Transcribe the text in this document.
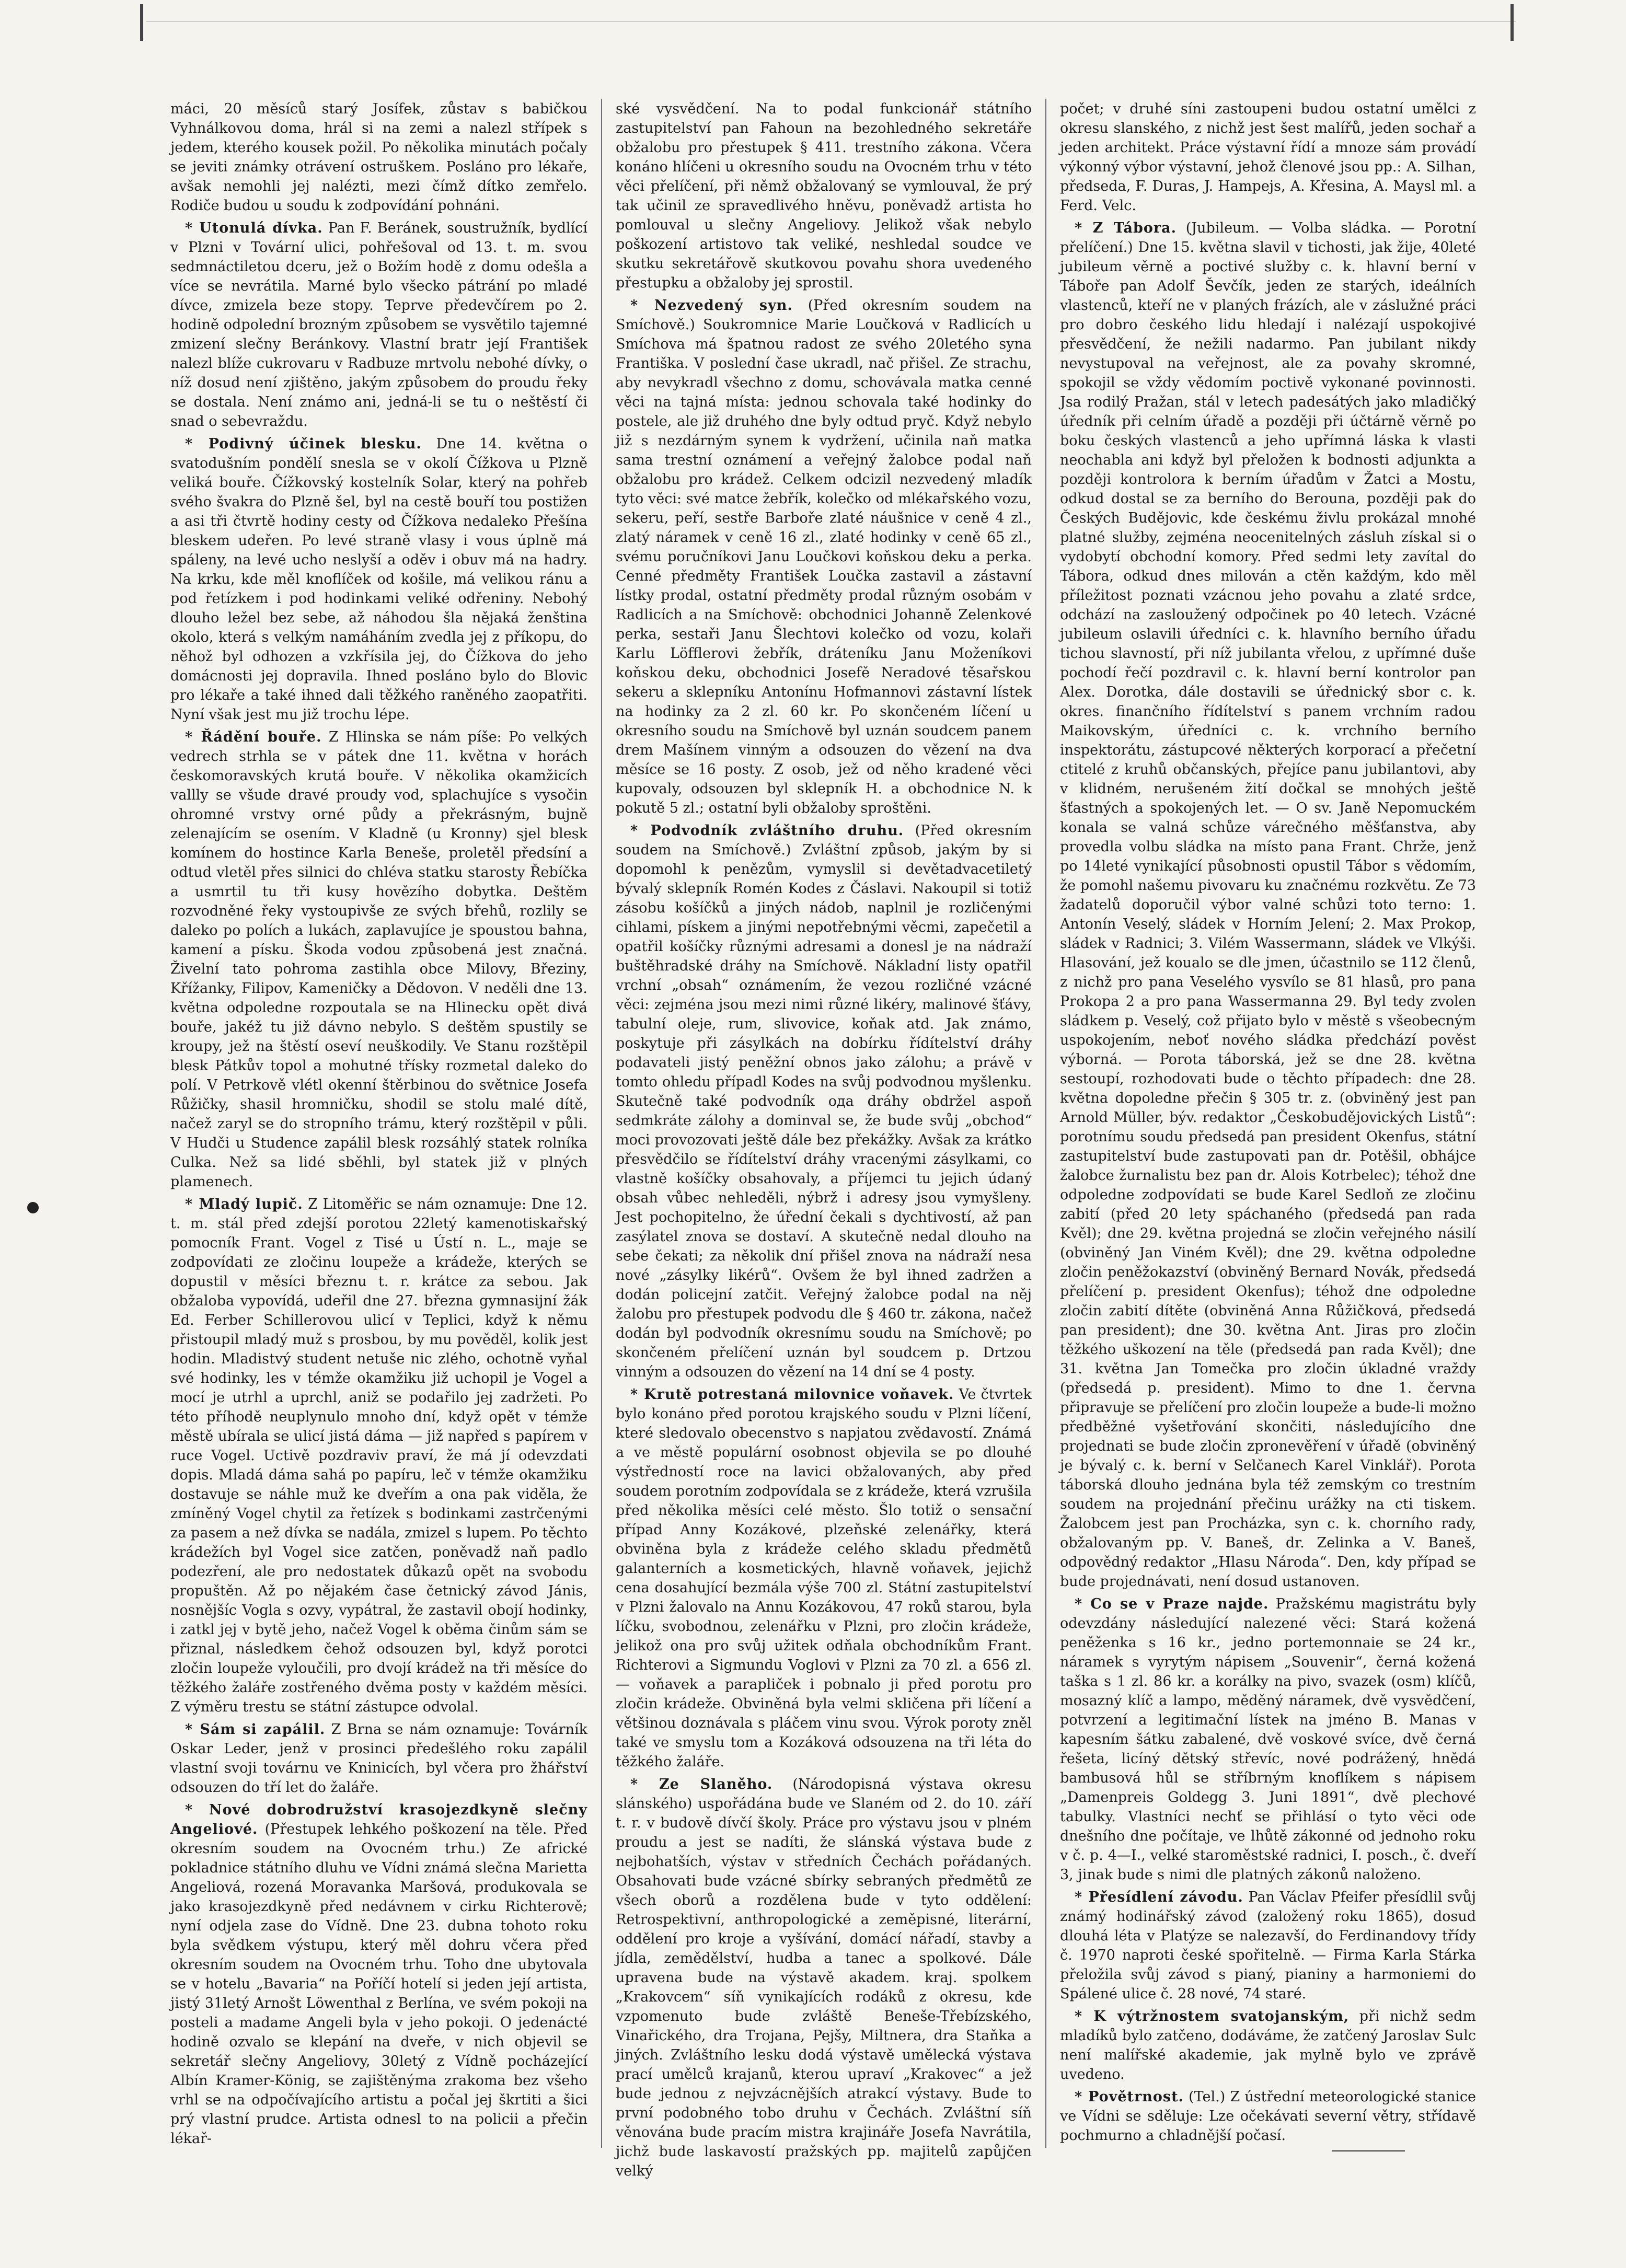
máci, 20 měsíců starý Josífek, zůstav s babičkou Vyhnálkovou doma, hrál si na zemi a nalezl střípek s jedem, kterého kousek požil. Po několika minutách počaly se jeviti známky otrávení ostruškem. Posláno pro lékaře, avšak nemohli jej nalézti, mezi čímž dítko zemřelo. Rodiče budou u soudu k zodpovídání pohnáni.

* Utonulá dívka. Pan F. Beránek, soustružník, bydlící v Plzni v Tovární ulici, pohřešoval od 13. t. m. svou sedmnáctiletou dceru, jež o Božím hodě z domu odešla a více se nevrátila. Marné bylo všecko pátrání po mladé dívce, zmizela beze stopy. Teprve předevčírem po 2. hodině odpolední brozným způsobem se vysvětilo tajemné zmizení slečny Beránkovy. Vlastní bratr její František nalezl blíže cukrovaru v Radbuze mrtvolu nebohé dívky, o níž dosud není zjištěno, jakým způsobem do proudu řeky se dostala. Není známo ani, jedná-li se tu o neštěstí či snad o sebevraždu.

* Podivný účinek blesku. Dne 14. května o svatodušním pondělí snesla se v okolí Čížkova u Plzně veliká bouře. Čížkovský kostelník Solar, který na pohřeb svého švakra do Plzně šel, byl na cestě bouří tou postižen a asi tři čtvrtě hodiny cesty od Čížkova nedaleko Přešína bleskem udeřen. Po levé straně vlasy i vous úplně má spáleny, na levé ucho neslyší a oděv i obuv má na hadry. Na krku, kde měl knoflíček od košile, má velikou ránu a pod řetízkem i pod hodinkami veliké odřeniny. Nebohý dlouho ležel bez sebe, až náhodou šla nějaká ženština okolo, která s velkým namáháním zvedla jej z příkopu, do něhož byl odhozen a vzkřísila jej, do Čížkova do jeho domácnosti jej dopravila. Ihned posláno bylo do Blovic pro lékaře a také ihned dali těžkého raněného zaopatřiti. Nyní však jest mu již trochu lépe.

* Řádění bouře. Z Hlinska se nám píše: Po velkých vedrech strhla se v pátek dne 11. května v horách českomoravských krutá bouře. V několika okamžicích vallly se všude dravé proudy vod, splachujíce s vysočin ohromné vrstvy orné půdy a překrásným, bujně zelenajícím se osením. V Kladně (u Kronny) sjel blesk komínem do hostince Karla Beneše, proletěl předsíní a odtud vletěl přes silnici do chlévа statku starosty Řebíčka a usmrtil tu tři kusy hovězího dobytka. Deštěm rozvodněné řeky vystoupivše ze svých břehů, rozlily se daleko po polích a lukách, zaplavujíce je spoustou bahna, kamení a písku. Škoda vodou způsobená jest značná. Živelní tato pohroma zastihla obce Milovy, Březiny, Křížanky, Filipov, Kameničky a Dědovon. V neděli dne 13. května odpoledne rozpoutala se na Hlinecku opět divá bouře, jakéž tu již dávno nebylo. S deštěm spustily se kroupy, jež na štěstí oseví neuškodily. Ve Stanu rozštěpil blesk Pátkův topol a mohutné třísky rozmetal daleko do polí. V Petrkově vlétl okenní štěrbinou do světnice Josefa Růžičky, shasil hromničku, shodil se stolu malé dítě, načež zaryl se do stropního trámu, který rozštěpil v půli. V Hudči u Studence zapálil blesk rozsáhlý statek rolníka Culka. Než sa lidé sběhli, byl statek již v plných plamenech.

* Mladý lupič. Z Litoměřic se nám oznamuje: Dne 12. t. m. stál před zdejší porotou 22letý kamenotiskařský pomocník Frant. Vogel z Tisé u Ústí n. L., maje se zodpovídati ze zločinu loupeže a krádeže, kterých se dopustil v měsíci březnu t. r. krátce za sebou. Jak obžaloba vypovídá, udeřil dne 27. března gymnasijní žák Ed. Ferber Schillerovou ulicí v Teplici, když k němu přistoupil mladý muž s prosbou, by mu pověděl, kolik jest hodin. Mladistvý student netuše nic zlého, ochotně vyňal své hodinky, les v témže okamžiku již uchopil je Vogel a mocí je utrhl a uprchl, aniž se podařilo jej zadržeti. Po této příhodě neuplynulo mnoho dní, když opět v témže městě ubírala se ulicí jistá dáma — již napřed s papírem v ruce Vogel. Uctivě pozdraviv praví, že má jí odevzdati dopis. Mladá dáma sahá po papíru, leč v témže okamžiku dostavuje se náhle muž ke dveřím a ona pak viděla, že zmíněný Vogel chytil za řetízek s bodinkami zastrčenými za pasem a než dívka se nadála, zmizel s lupem. Po těchto krádežích byl Vogel sice zatčen, poněvadž naň padlo podezření, ale pro nedostatek důkazů opět na svobodu propuštěn. Až po nějakém čase četnický závod Jánis, nosnějšíc Vogla s ozvy, vypátral, že zastavil obojí hodinky, i zatkl jej v bytě jeho, načež Vogel k oběma činům sám se přiznal, následkem čehož odsouzen byl, když porotci zločin loupeže vyloučili, pro dvojí krádež na tři měsíce do těžkého žaláře zostřeného dvěma posty v každém měsíci. Z výměru trestu se státní zástupce odvolal.

* Sám si zapálil. Z Brna se nám oznamuje: Továrník Oskar Leder, jenž v prosinci předešlého roku zapálil vlastní svoji továrnu ve Kninicích, byl včera pro žhářství odsouzen do tří let do žaláře.

* Nové dobrodružství krasojezdkyně slečny Angeliové. (Přestupek lehkého poškození na těle. Před okresním soudem na Ovocném trhu.) Ze africké pokladnice státního dluhu ve Vídni známá slečna Marietta Angeliová, rozená Moravanka Maršová, produkovala se jako krasojezdkyně před nedávnem v cirku Richterově; nyní odjela zase do Vídně. Dne 23. dubna tohoto roku byla svědkem výstupu, který měl dohru včera před okresním soudem na Ovocném trhu. Toho dne ubytovala se v hotelu „Bavaria“ na Poříčí hotelí si jeden její artista, jistý 31letý Arnošt Löwenthal z Berlína, ve svém pokoji na posteli a madame Angeli byla v jeho pokoji. O jedenácté hodině ozvalo se klepání na dveře, v nich objevil se sekretář slečny Angeliovy, 30letý z Vídně pocházející Albín Kramer-König, se zajištěnýma zrakoma bez všeho vrhl se na odpočívajícího artistu a počal jej škrtiti a šici prý vlastní prudce. Artista odnesl to na policii a přečin lékař-

ské vysvědčení. Na to podal funkcionář státního zastupitelství pan Fahoun na bezohledného sekretáře obžalobu pro přestupek § 411. trestního zákona. Včera konáno hlíčeni u okresního soudu na Ovocném trhu v této věci přelíčení, při němž obžalovaný se vymlouval, že prý tak učinil ze spravedlivého hněvu, poněvadž artista ho pomlouval u slečny Angeliovy. Jelikož však nebylo poškození artistovo tak veliké, neshledal soudce ve skutku sekretářově skutkovou povahu shora uvedeného přestupku a obžaloby jej sprostil.

* Nezvedený syn. (Před okresním soudem na Smíchově.) Soukromnice Marie Loučková v Radlicích u Smíchova má špatnou radost ze svého 20letého synа Františka. V poslední čase ukradl, nač přišel. Ze strachu, aby nevykradl všechno z domu, schovávala matka cenné věci na tajná místa: jednou schovala také hodinky do postele, ale již druhého dne byly odtud pryč. Když nebylo již s nezdárným synem k vydržení, učinila naň matka sama trestní oznámení a veřejný žalobce podal naň obžalobu pro krádež. Celkem odcizil nezvedený mladík tyto věci: své matce žebřík, kolečko od mlékařského vozu, sekeru, peří, sestře Barboře zlaté náušnice v ceně 4 zl., zlatý náramek v ceně 16 zl., zlaté hodinky v ceně 65 zl., svému poručníkovi Janu Loučkovi koňskou deku a perka. Cenné předměty František Loučka zastavil a zástavní lístky prodal, ostatní předměty prodal různým osobám v Radlicích a na Smíchově: obchodnici Johanně Zelenkové perka, sestaři Janu Šlechtovi kolečko od vozu, kolaři Karlu Löfflerovi žebřík, dráteníku Janu Moženíkovi koňskou deku, obchodnici Josefě Neradové těsařskou sekeru a sklepníku Antonínu Hofmannovi zástavní lístek na hodinky za 2 zl. 60 kr. Po skončeném líčení u okresního soudu na Smíchově byl uznán soudcem panem drem Mašínem vinným a odsouzen do vězení na dva měsíce se 16 posty. Z osob, jež od něho kradené věci kupovaly, odsouzen byl sklepník H. a obchodnice N. k pokutě 5 zl.; ostatní byli obžaloby sproštěni.

* Podvodník zvláštního druhu. (Před okresním soudem na Smíchově.) Zvláštní způsob, jakým by si dopomohl k penězům, vymyslil si devětadvacetiletý bývalý sklepník Romén Kodes z Čáslavi. Nakoupil si totiž zásobu košíčků a jiných nádob, naplnil je rozličenými cihlami, pískem a jinými nepotřebnými věcmi, zapečetil a opatřil košíčky různými adresami a donesl je na nádraží buštěhradské dráhy na Smíchově. Nákladní listy opatřil vrchní „obsah“ oznámením, že vezou rozličné vzácné věci: zejména jsou mezi nimi různé likéry, malinové šťávy, tabulní oleje, rum, slivovice, koňak atd. Jak známo, poskytuje při zásylkách na dobírku řídítelství dráhy podavateli jistý peněžní obnos jako zálohu; a právě v tomto ohledu případl Kodes na svůj podvodnou myšlenku. Skutečně také podvodník ода dráhy obdržel aspoň sedmkráte zálohy a dominval se, že bude svůj „obchod“ moci provozovati ještě dále bez překážky. Avšak za krátko přesvědčilo se řídítelství dráhy vracenými zásylkami, co vlastně košíčky obsahovaly, a příjemci tu jejich údaný obsah vůbec nehleděli, nýbrž i adresy jsou vymyšleny. Jest pochopitelno, že úřední čekali s dychtivostí, až pan zasýlatel znova se dostaví. A skutečně nedal dlouho na sebe čekati; za několik dní přišel znova na nádraží nesa nové „zásylky likérů“. Ovšem že byl ihned zadržen a dodán policejní zatčit. Veřejný žalobce podal na něj žalobu pro přestupek podvodu dle § 460 tr. zákona, načež dodán byl podvodník okresnímu soudu na Smíchově; po skončeném přelíčení uznán byl soudcem p. Drtzou vinným a odsouzen do vězení na 14 dní se 4 posty.

* Krutě potrestaná milovnice voňavek. Ve čtvrtek bylo konáno před porotou krajského soudu v Plzni líčení, které sledovalo obecenstvo s napjatou zvědavostí. Známá a ve městě populární osobnost objevila se po dlouhé výstředností roce na lavici obžalovaných, aby před soudem porotním zodpovídala se z krádeže, která vzrušila před několika měsíci celé město. Šlo totiž o sensační případ Anny Kozákové, plzeňské zelenářky, která obviněna byla z krádeže celého skladu předmětů galanterních a kosmetických, hlavně voňavek, jejichž cena dosahující bezmála výše 700 zl. Státní zastupitelství v Plzni žalovalo na Annu Kozákovou, 47 roků starou, byla líčku, svobodnou, zelenářku v Plzni, pro zločin krádeže, jelikož ona pro svůj užitek odňala obchodníkům Frant. Richterovi a Sigmundu Voglovi v Plzni za 70 zl. a 656 zl. — voňavek a parapliček i pobnalo ji před porotu pro zločin krádeže. Obviněná byla velmi skličena při líčení a většinou doznávala s pláčem vinu svou. Výrok poroty zněl také ve smyslu tom a Kozáková odsouzena na tři léta do těžkého žaláře.

* Ze Slaněho. (Národopisná výstava okresu slánského) uspořádána bude ve Slaném od 2. do 10. září t. r. v budově dívčí školy. Práce pro výstavu jsou v plném proudu a jest se nadíti, že slánská výstava bude z nejbohatších, výstav v středních Čechách pořádaných. Obsahovati bude vzácné sbírky sebraných předmětů ze všech oborů a rozdělena bude v tyto oddělení: Retrospektivní, anthropologické a zeměpisné, literární, oddělení pro kroje a vyšívání, domácí nářadí, stavby a jídla, zemědělství, hudba a tanec a spolkové. Dále upravena bude na výstavě akadem. kraj. spolkem „Krakovcem“ síň vynikajících rodáků z okresu, kde vzpomenuto bude zvláště Beneše-Třebízského, Vinařického, dra Trojana, Pejšy, Miltnera, dra Staňka a jiných. Zvláštního lesku dodá výstavě umělecká výstava prací umělců krajanů, kterou upraví „Krakovec“ a jež bude jednou z nejvzácnějších atrakcí výstavy. Bude to první podobného tobo druhu v Čechách. Zvláštní síň věnována bude pracím mistra krajináře Josefa Navrátila, jichž bude laskavostí pražských pp. majitelů zapůjčen velký

počet; v druhé síni zastoupeni budou ostatní umělci z okresu slanského, z nichž jest šest malířů, jeden sochař a jeden architekt. Práce výstavní řídí a mnoze sám provádí výkonný výbor výstavní, jehož členové jsou pp.: A. Silhan, předseda, F. Duras, J. Hampejs, A. Křesina, A. Maysl ml. a Ferd. Velc.

* Z Tábora. (Jubileum. — Volba sládka. — Porotní přelíčení.) Dne 15. května slavil v tichosti, jak žije, 40leté jubileum věrně a poctivé služby c. k. hlavní berní v Táboře pan Adolf Ševčík, jeden ze starých, ideálních vlastenců, kteří ne v planých frázích, ale v záslužné práci pro dobro českého lidu hledají i nalézají uspokojivé přesvědčení, že nežili nadarmo. Pan jubilant nikdy nevystupoval na veřejnost, ale za povahy skromné, spokojil se vždy vědomím poctivě vykonané povinnosti. Jsa rodilý Pražan, stál v letech padesátých jako mladičký úředník při celním úřadě a později při účtárně věrně po boku českých vlastenců a jeho upřímná láska k vlasti neochabla ani když byl přeložen k bodnosti adjunkta a později kontrolora k berním úřadům v Žatci a Mostu, odkud dostal se za berního do Berouna, později pak do Českých Budějovic, kde českému živlu prokázal mnohé platné služby, zejména neocenitelných zásluh získal si o vydobytí obchodní komory. Před sedmi lety zavítal do Tábora, odkud dnes milován a ctěn každým, kdo měl příležitost poznati vzácnou jeho povahu a zlaté srdce, odchází na zasloužený odpočinek po 40 letech. Vzácné jubileum oslavili úředníci c. k. hlavního berního úřadu tichou slavností, při níž jubilanta vřelou, z upřímné duše pochodí řečí pozdravil c. k. hlavní berní kontrolor pan Alex. Dorotka, dále dostavili se úřednický sbor c. k. okres. finančního řídítelství s panem vrchním radou Maikovským, úředníci c. k. vrchního berního inspektorátu, zástupcové některých korporací a přečetní ctitelé z kruhů občanských, přejíce panu jubilantovi, aby v klidném, nerušeném žití dočkal se mnohých ještě šťastných a spokojených let. — O sv. Janě Nepomuckém konala se valná schůze várečného měšťanstva, aby provedla volbu sládka na místo pana Frant. Chrže, jenž po 14leté vynikající působnosti opustil Tábor s vědomím, že pomohl našemu pivovaru ku značnému rozkvětu. Ze 73 žadatelů doporučil výbor valné schůzi toto terno: 1. Antonín Veselý, sládek v Horním Jelení; 2. Max Prokop, sládek v Radnici; 3. Vilém Wassermann, sládek ve Vlkýši. Hlasování, jež koualo se dle jmen, účastnilo se 112 členů, z nichž pro pana Veselého vysvílo se 81 hlasů, pro pana Prokopa 2 a pro pana Wassermanna 29. Byl tedy zvolen sládkem p. Veselý, což přijato bylo v městě s všeobecným uspokojením, neboť nového sládka předchází pověst výborná. — Porota táborská, jež se dne 28. května sestoupí, rozhodovati bude o těchto případech: dne 28. května dopoledne přečin § 305 tr. z. (obviněný jest pan Arnold Müller, býv. redaktor „Českobudějovických Listů“: porotnímu soudu předsedá pan president Okenfus, státní zastupitelství bude zastupovati pan dr. Potěšil, obhájce žalobce žurnalistu bez pan dr. Alois Kotrbelec); téhož dne odpoledne zodpovídati se bude Karel Sedloň ze zločinu zabití (před 20 lety spáchaného (předsedá pan rada Kvěl); dne 29. května projedná se zločin veřejného násilí (obviněný Jan Viném Kvěl); dne 29. května odpoledne zločin peněžokazství (obviněný Bernard Novák, předsedá přelíčení p. president Okenfus); téhož dne odpoledne zločin zabití dítěte (obviněná Anna Růžičková, předsedá pan president); dne 30. května Ant. Jiras pro zločin těžkého uškození na těle (předsedá pan rada Kvěl); dne 31. května Jan Tomečka pro zločin úkladné vraždy (předsedá p. president). Mimo to dne 1. června připravuje se přelíčení pro zločin loupeže a bude-li možno předběžné vyšetřování skončiti, následujícího dne projednati se bude zločin zpronevěření v úřadě (obviněný je bývalý c. k. berní v Selčanech Karel Vinklář). Porota táborská dlouho jednána byla též zemským co trestním soudem na projednání přečinu urážky na cti tiskem. Žalobcem jest pan Procházka, syn c. k. chorního rady, obžalovaným pp. V. Baneš, dr. Zelinka a V. Baneš, odpovědný redaktor „Hlasu Národa“. Den, kdy případ se bude projednávati, není dosud ustanoven.

* Co se v Praze najde. Pražskému magistrátu byly odevzdány následující nalezené věci: Stará kožená peněženka s 16 kr., jedno portemonnaie se 24 kr., náramek s vyrytým nápisem „Souvenir“, černá kožená taška s 1 zl. 86 kr. a korálky na pivo, svazek (osm) klíčů, mosazný klíč a lampo, měděný náramek, dvě vysvědčení, potvrzení a legitimační lístek na jméno B. Manas v kapesním šátku zabalené, dvě voskové svíce, dvě černá řešeta, licíný dětský střevíc, nové podrážený, hnědá bambusová hůl se stříbrným knoflíkem s nápisem „Damenpreis Goldegg 3. Juni 1891“, dvě plechové tabulky. Vlastníci nechť se přihlásí o tyto věci ode dnešního dne počítaje, ve lhůtě zákonné od jednoho roku v č. p. 4—I., velké staroměstské radnici, I. posch., č. dveří 3, jinak bude s nimi dle platných zákonů naloženo.

* Přesídlení závodu. Pan Václav Pfeifer přesídlil svůj známý hodinářský závod (založený roku 1865), dosud dlouhá léta v Platýze se nalezavší, do Ferdinandovy třídy č. 1970 naproti české spořitelně. — Firma Karla Stárka přeložila svůj závod s pianý, pianiny a harmoniemi do Spálené ulice č. 28 nové, 74 staré.

* K výtržnostem svatojanským, při nichž sedm mladíků bylo zatčeno, dodáváme, že zatčený Jaroslav Sulc není malířské akademie, jak mylně bylo ve zprávě uvedeno.

* Povětrnost. (Tel.) Z ústřední meteorologické stanice ve Vídni se sděluje: Lze očekávati severní větry, střídavě pochmurno a chladnější počasí.
